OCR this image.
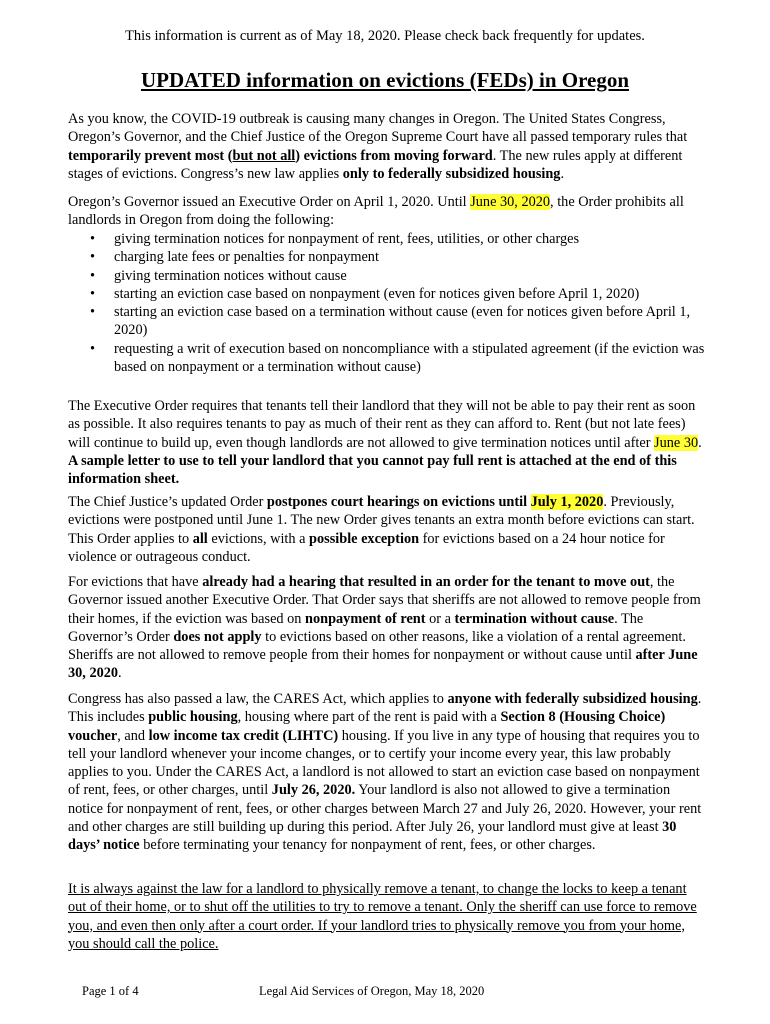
This information is current as of May 18, 2020. Please check back frequently for updates.
UPDATED information on evictions (FEDs) in Oregon

As you know, the COVID-19 outbreak is causing many changes in Oregon. The United States Congress, Oregon’s Governor, and the Chief Justice of the Oregon Supreme Court have all passed temporary rules that temporarily prevent most (but not all) evictions from moving forward. The new rules apply at different stages of evictions. Congress’s new law applies only to federally subsidized housing.

Oregon’s Governor issued an Executive Order on April 1, 2020. Until June 30, 2020, the Order prohibits all landlords in Oregon from doing the following:

• giving termination notices for nonpayment of rent, fees, utilities, or other charges
• charging late fees or penalties for nonpayment
• giving termination notices without cause
• starting an eviction case based on nonpayment (even for notices given before April 1, 2020)
• starting an eviction case based on a termination without cause (even for notices given before April 1, 2020)
• requesting a writ of execution based on noncompliance with a stipulated agreement (if the eviction was based on nonpayment or a termination without cause)

The Executive Order requires that tenants tell their landlord that they will not be able to pay their rent as soon as possible. It also requires tenants to pay as much of their rent as they can afford to. Rent (but not late fees) will continue to build up, even though landlords are not allowed to give termination notices until after June 30. A sample letter to use to tell your landlord that you cannot pay full rent is attached at the end of this information sheet.

The Chief Justice’s updated Order postpones court hearings on evictions until July 1, 2020. Previously, evictions were postponed until June 1. The new Order gives tenants an extra month before evictions can start. This Order applies to all evictions, with a possible exception for evictions based on a 24 hour notice for violence or outrageous conduct.

For evictions that have already had a hearing that resulted in an order for the tenant to move out, the Governor issued another Executive Order. That Order says that sheriffs are not allowed to remove people from their homes, if the eviction was based on nonpayment of rent or a termination without cause. The Governor’s Order does not apply to evictions based on other reasons, like a violation of a rental agreement. Sheriffs are not allowed to remove people from their homes for nonpayment or without cause until after June 30, 2020.

Congress has also passed a law, the CARES Act, which applies to anyone with federally subsidized housing. This includes public housing, housing where part of the rent is paid with a Section 8 (Housing Choice) voucher, and low income tax credit (LIHTC) housing. If you live in any type of housing that requires you to tell your landlord whenever your income changes, or to certify your income every year, this law probably applies to you. Under the CARES Act, a landlord is not allowed to start an eviction case based on nonpayment of rent, fees, or other charges, until July 26, 2020. Your landlord is also not allowed to give a termination notice for nonpayment of rent, fees, or other charges between March 27 and July 26, 2020. However, your rent and other charges are still building up during this period. After July 26, your landlord must give at least 30 days’ notice before terminating your tenancy for nonpayment of rent, fees, or other charges.

It is always against the law for a landlord to physically remove a tenant, to change the locks to keep a tenant out of their home, or to shut off the utilities to try to remove a tenant. Only the sheriff can use force to remove you, and even then only after a court order. If your landlord tries to physically remove you from your home, you should call the police.

Page 1 of 4	Legal Aid Services of Oregon, May 18, 2020
